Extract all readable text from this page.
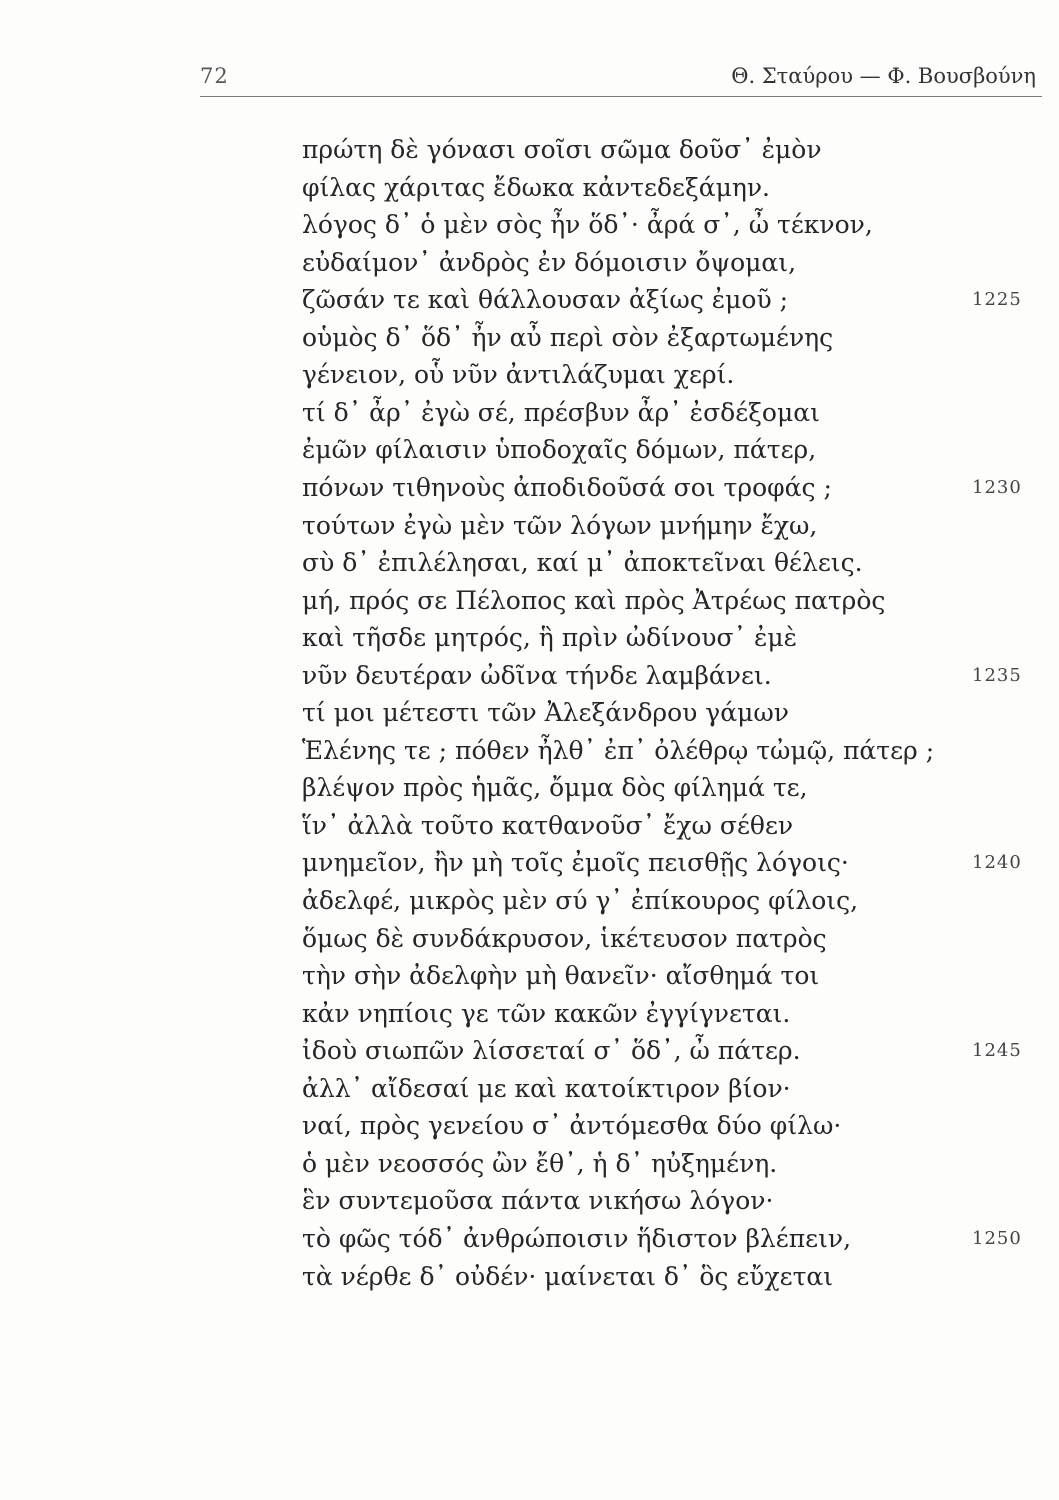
72	Θ. Σταύρου — Φ. Βουσβούνη
πρώτη δὲ γόνασι σοῖσι σῶμα δοῦσ᾽ ἐμὸν
φίλας χάριτας ἔδωκα κἀντεδεξάμην.
λόγος δ᾽ ὁ μὲν σὸς ἦν ὅδ᾽· ἆρά σ᾽, ὦ τέκνον,
εὐδαίμον᾽ ἀνδρὸς ἐν δόμοισιν ὄψομαι,
ζῶσάν τε καὶ θάλλουσαν ἀξίως ἐμοῦ ;	1225
οὑμὸς δ᾽ ὅδ᾽ ἦν αὖ περὶ σὸν ἐξαρτωμένης
γένειον, οὗ νῦν ἀντιλάζυμαι χερί.
τί δ᾽ ἆρ᾽ ἐγὼ σέ, πρέσβυν ἆρ᾽ ἐσδέξομαι
ἐμῶν φίλαισιν ὑποδοχαῖς δόμων, πάτερ,
πόνων τιθηνοὺς ἀποδιδοῦσά σοι τροφάς ;	1230
τούτων ἐγὼ μὲν τῶν λόγων μνήμην ἔχω,
σὺ δ᾽ ἐπιλέλησαι, καί μ᾽ ἀποκτεῖναι θέλεις.
μή, πρός σε Πέλοπος καὶ πρὸς Ἀτρέως πατρὸς
καὶ τῆσδε μητρός, ἣ πρὶν ὠδίνουσ᾽ ἐμὲ
νῦν δευτέραν ὠδῖνα τήνδε λαμβάνει.	1235
τί μοι μέτεστι τῶν Ἀλεξάνδρου γάμων
Ἑλένης τε ; πόθεν ἦλθ᾽ ἐπ᾽ ὀλέθρῳ τὠμῷ, πάτερ ;
βλέψον πρὸς ἡμᾶς, ὄμμα δὸς φίλημά τε,
ἵν᾽ ἀλλὰ τοῦτο κατθανοῦσ᾽ ἔχω σέθεν
μνημεῖον, ἢν μὴ τοῖς ἐμοῖς πεισθῇς λόγοις·	1240
ἀδελφέ, μικρὸς μὲν σύ γ᾽ ἐπίκουρος φίλοις,
ὅμως δὲ συνδάκρυσον, ἱκέτευσον πατρὸς
τὴν σὴν ἀδελφὴν μὴ θανεῖν· αἴσθημά τοι
κἀν νηπίοις γε τῶν κακῶν ἐγγίγνεται.
ἰδοὺ σιωπῶν λίσσεταί σ᾽ ὅδ᾽, ὦ πάτερ.	1245
ἀλλ᾽ αἴδεσαί με καὶ κατοίκτιρον βίον·
ναί, πρὸς γενείου σ᾽ ἀντόμεσθα δύο φίλω·
ὁ μὲν νεοσσός ὢν ἔθ᾽, ἡ δ᾽ ηὐξημένη.
ἓν συντεμοῦσα πάντα νικήσω λόγον·
τὸ φῶς τόδ᾽ ἀνθρώποισιν ἥδιστον βλέπειν,	1250
τὰ νέρθε δ᾽ οὐδέν· μαίνεται δ᾽ ὃς εὔχεται
